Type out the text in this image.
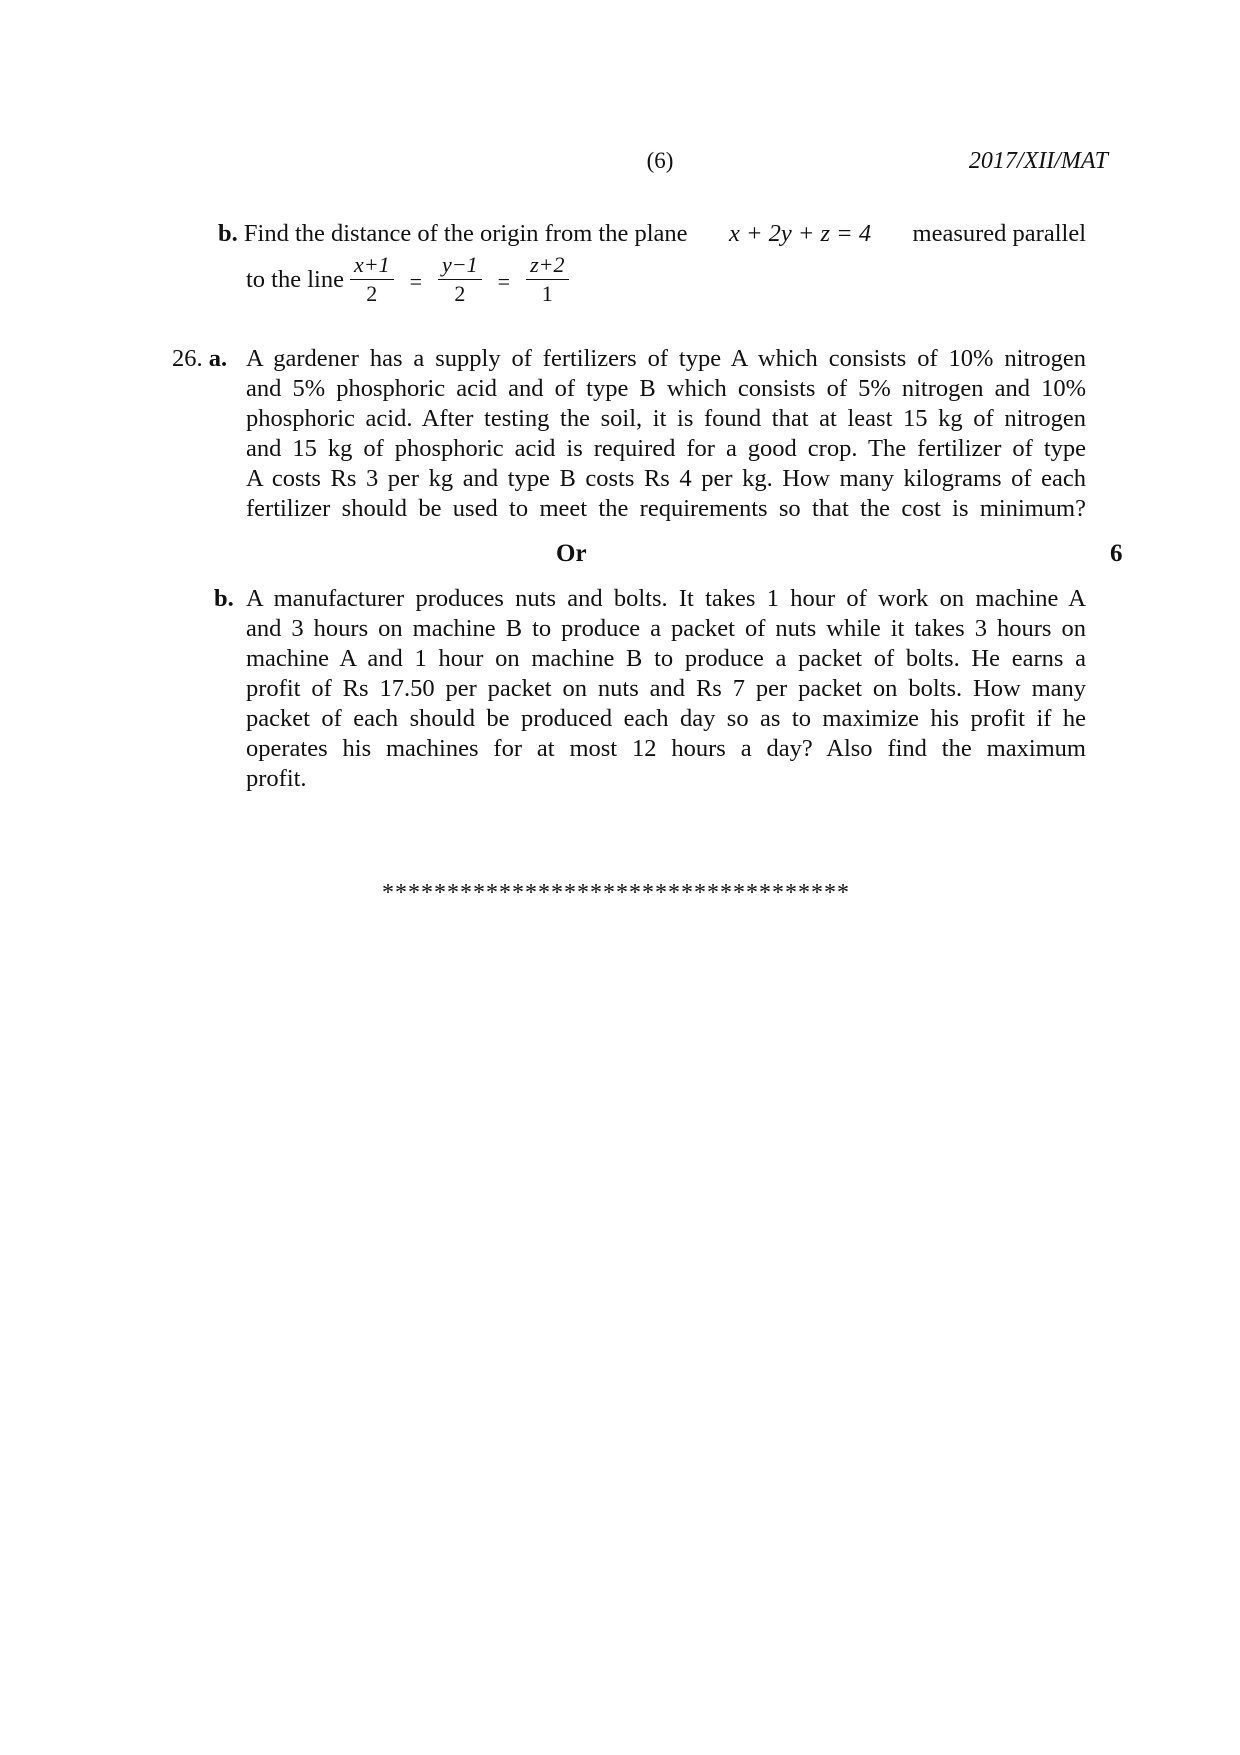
(6)	2017/XII/MAT
b. Find the distance of the origin from the plane x + 2y + z = 4 measured parallel
to the line $\frac{x+1}{2} = \frac{y-1}{2} = \frac{z+2}{1}$
26. a. A gardener has a supply of fertilizers of type A which consists of 10% nitrogen
and 5% phosphoric acid and of type B which consists of 5% nitrogen and 10%
phosphoric acid. After testing the soil, it is found that at least 15 kg of nitrogen
and 15 kg of phosphoric acid is required for a good crop. The fertilizer of type
A costs Rs 3 per kg and type B costs Rs 4 per kg. How many kilograms of each
fertilizer should be used to meet the requirements so that the cost is minimum?
Or	6
b. A manufacturer produces nuts and bolts. It takes 1 hour of work on machine A
and 3 hours on machine B to produce a packet of nuts while it takes 3 hours on
machine A and 1 hour on machine B to produce a packet of bolts. He earns a
profit of Rs 17.50 per packet on nuts and Rs 7 per packet on bolts. How many
packet of each should be produced each day so as to maximize his profit if he
operates his machines for at most 12 hours a day? Also find the maximum
profit.
************************************
